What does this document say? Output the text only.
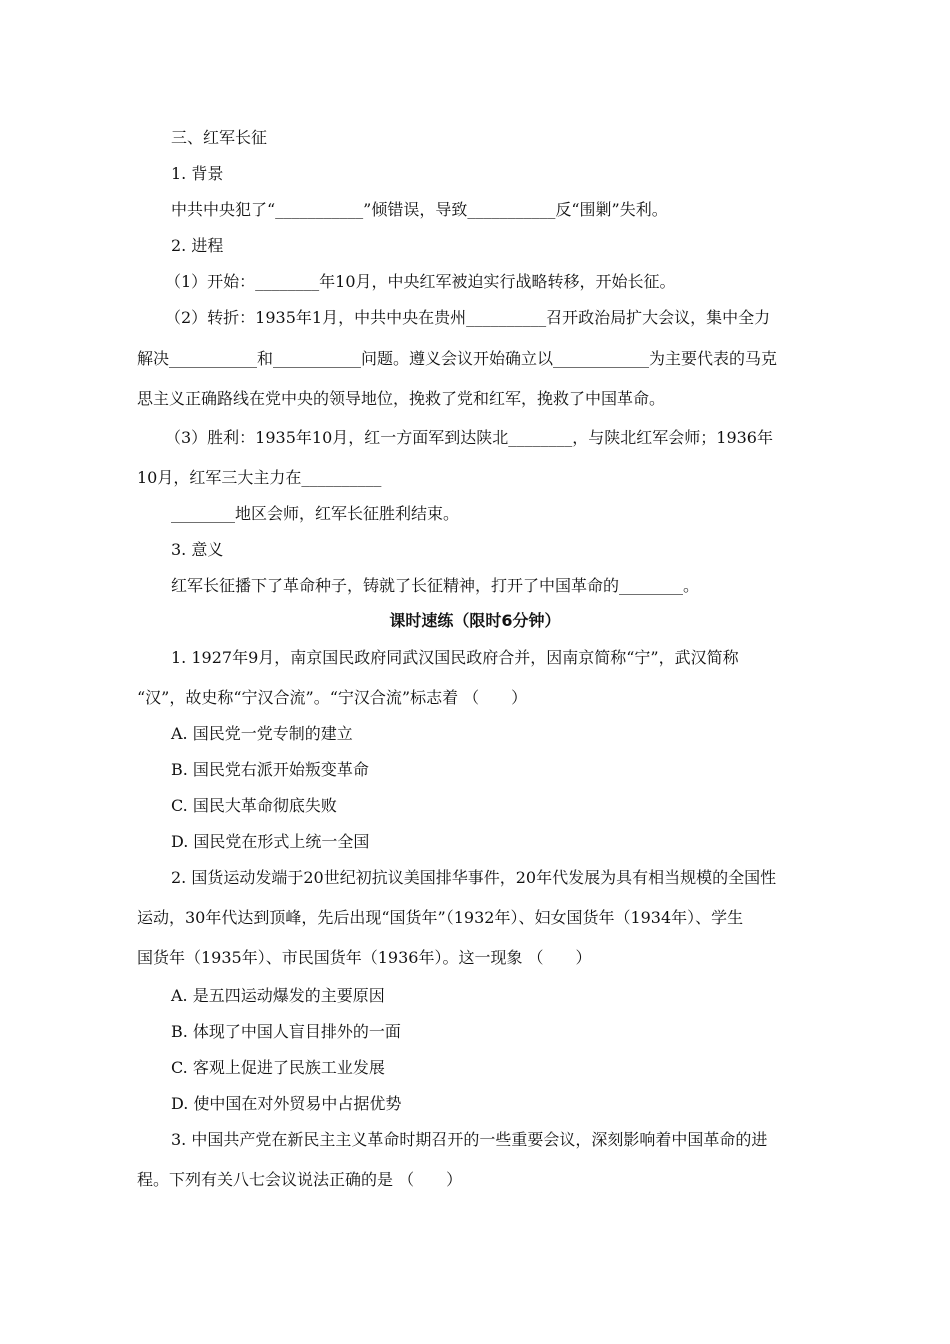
三、红军长征
1. 背景
中共中央犯了“___________”倾错误，导致___________反“围剿”失利。
2. 进程
（1）开始：________年10月，中央红军被迫实行战略转移，开始长征。
（2）转折：1935年1月，中共中央在贵州__________召开政治局扩大会议，集中全力
解决___________和___________问题。遵义会议开始确立以____________为主要代表的马克
思主义正确路线在党中央的领导地位，挽救了党和红军，挽救了中国革命。
（3）胜利：1935年10月，红一方面军到达陕北________，与陕北红军会师；1936年
10月，红军三大主力在__________
________地区会师，红军长征胜利结束。
3. 意义
红军长征播下了革命种子，铸就了长征精神，打开了中国革命的________。
课时速练（限时6分钟）
1. 1927年9月，南京国民政府同武汉国民政府合并，因南京简称“宁”，武汉简称
“汉”，故史称“宁汉合流”。“宁汉合流”标志着 （　　）
A. 国民党一党专制的建立
B. 国民党右派开始叛变革命
C. 国民大革命彻底失败
D. 国民党在形式上统一全国
2. 国货运动发端于20世纪初抗议美国排华事件，20年代发展为具有相当规模的全国性
运动，30年代达到顶峰，先后出现“国货年”（1932年）、妇女国货年（1934年）、学生
国货年（1935年）、市民国货年（1936年）。这一现象 （　　）
A. 是五四运动爆发的主要原因
B. 体现了中国人盲目排外的一面
C. 客观上促进了民族工业发展
D. 使中国在对外贸易中占据优势
3. 中国共产党在新民主主义革命时期召开的一些重要会议，深刻影响着中国革命的进
程。下列有关八七会议说法正确的是 （　　）
